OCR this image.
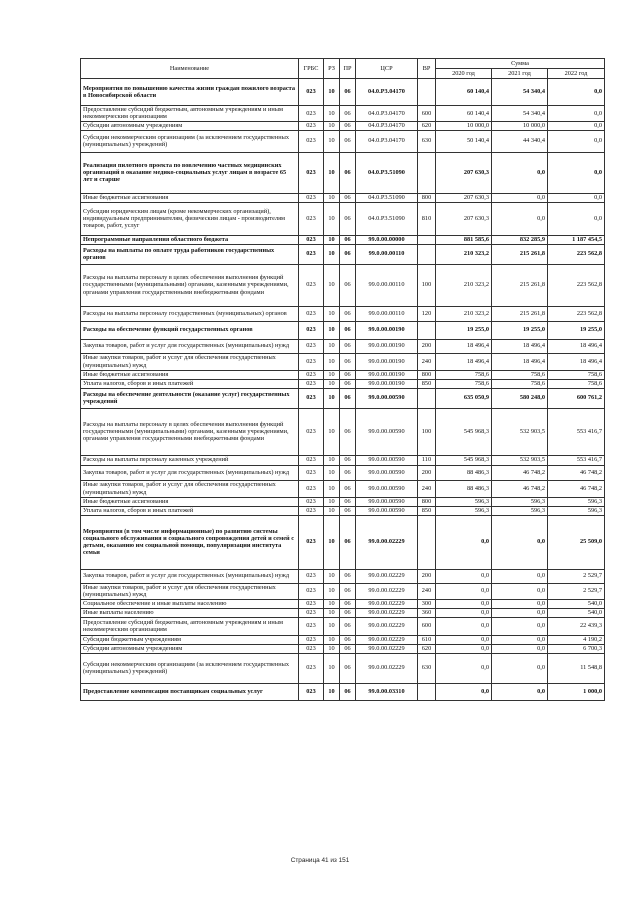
Наименование	ГРБС	РЗ	ПР	ЦСР	ВР	Сумма		
						2020 год	2021 год	2022 год
Мероприятия по повышению качества жизни граждан пожилого возраста в Новосибирской области	023	10	06	04.0.P3.04170		60 140,4	54 340,4	0,0
Предоставление субсидий бюджетным, автономным учреждениям и иным некоммерческим организациям	023	10	06	04.0.P3.04170	600	60 140,4	54 340,4	0,0
Субсидии автономным учреждениям	023	10	06	04.0.P3.04170	620	10 000,0	10 000,0	0,0
Субсидии некоммерческим организациям (за исключением государственных (муниципальных) учреждений)	023	10	06	04.0.P3.04170	630	50 140,4	44 340,4	0,0
Реализация пилотного проекта по вовлечению частных медицинских организаций в оказание медико-социальных услуг лицам в возрасте 65 лет и старше	023	10	06	04.0.P3.51090		207 630,3	0,0	0,0
Иные бюджетные ассигнования	023	10	06	04.0.P3.51090	800	207 630,3	0,0	0,0
Субсидии юридическим лицам (кроме некоммерческих организаций), индивидуальным предпринимателям, физическим лицам - производителям товаров, работ, услуг	023	10	06	04.0.P3.51090	810	207 630,3	0,0	0,0
Непрограммные направления областного бюджета	023	10	06	99.0.00.00000		881 585,6	832 285,9	1 187 454,5
Расходы на выплаты по оплате труда работников государственных органов	023	10	06	99.0.00.00110		210 323,2	215 261,8	223 562,8
Расходы на выплаты персоналу в целях обеспечения выполнения функций государственными (муниципальными) органами, казенными учреждениями, органами управления государственными внебюджетными фондами	023	10	06	99.0.00.00110	100	210 323,2	215 261,8	223 562,8
Расходы на выплаты персоналу государственных (муниципальных) органов	023	10	06	99.0.00.00110	120	210 323,2	215 261,8	223 562,8
Расходы на обеспечение функций государственных органов	023	10	06	99.0.00.00190		19 255,0	19 255,0	19 255,0
Закупка товаров, работ и услуг для государственных (муниципальных) нужд	023	10	06	99.0.00.00190	200	18 496,4	18 496,4	18 496,4
Иные закупки товаров, работ и услуг для обеспечения государственных (муниципальных) нужд	023	10	06	99.0.00.00190	240	18 496,4	18 496,4	18 496,4
Иные бюджетные ассигнования	023	10	06	99.0.00.00190	800	758,6	758,6	758,6
Уплата налогов, сборов и иных платежей	023	10	06	99.0.00.00190	850	758,6	758,6	758,6
Расходы на обеспечение деятельности (оказание услуг) государственных учреждений	023	10	06	99.0.00.00590		635 050,9	580 248,0	600 761,2
Расходы на выплаты персоналу в целях обеспечения выполнения функций государственными (муниципальными) органами, казенными учреждениями, органами управления государственными внебюджетными фондами	023	10	06	99.0.00.00590	100	545 968,3	532 903,5	553 416,7
Расходы на выплаты персоналу казенных учреждений	023	10	06	99.0.00.00590	110	545 968,3	532 903,5	553 416,7
Закупка товаров, работ и услуг для государственных (муниципальных) нужд	023	10	06	99.0.00.00590	200	88 486,3	46 748,2	46 748,2
Иные закупки товаров, работ и услуг для обеспечения государственных (муниципальных) нужд	023	10	06	99.0.00.00590	240	88 486,3	46 748,2	46 748,2
Иные бюджетные ассигнования	023	10	06	99.0.00.00590	800	596,3	596,3	596,3
Уплата налогов, сборов и иных платежей	023	10	06	99.0.00.00590	850	596,3	596,3	596,3
Мероприятия (в том числе информационные) по развитию системы социального обслуживания и социального сопровождения детей и семей с детьми, оказанию им социальной помощи, популяризации института семьи	023	10	06	99.0.00.02229		0,0	0,0	25 509,0
Закупка товаров, работ и услуг для государственных (муниципальных) нужд	023	10	06	99.0.00.02229	200	0,0	0,0	2 529,7
Иные закупки товаров, работ и услуг для обеспечения государственных (муниципальных) нужд	023	10	06	99.0.00.02229	240	0,0	0,0	2 529,7
Социальное обеспечение и иные выплаты населению	023	10	06	99.0.00.02229	300	0,0	0,0	540,0
Иные выплаты населению	023	10	06	99.0.00.02229	360	0,0	0,0	540,0
Предоставление субсидий бюджетным, автономным учреждениям и иным некоммерческим организациям	023	10	06	99.0.00.02229	600	0,0	0,0	22 439,3
Субсидии бюджетным учреждениям	023	10	06	99.0.00.02229	610	0,0	0,0	4 190,2
Субсидии автономным учреждениям	023	10	06	99.0.00.02229	620	0,0	0,0	6 700,3
Субсидии некоммерческим организациям (за исключением государственных (муниципальных) учреждений)	023	10	06	99.0.00.02229	630	0,0	0,0	11 548,8
Предоставление компенсации поставщикам социальных услуг	023	10	06	99.0.00.03310		0,0	0,0	1 000,0
Страница 41 из 151
